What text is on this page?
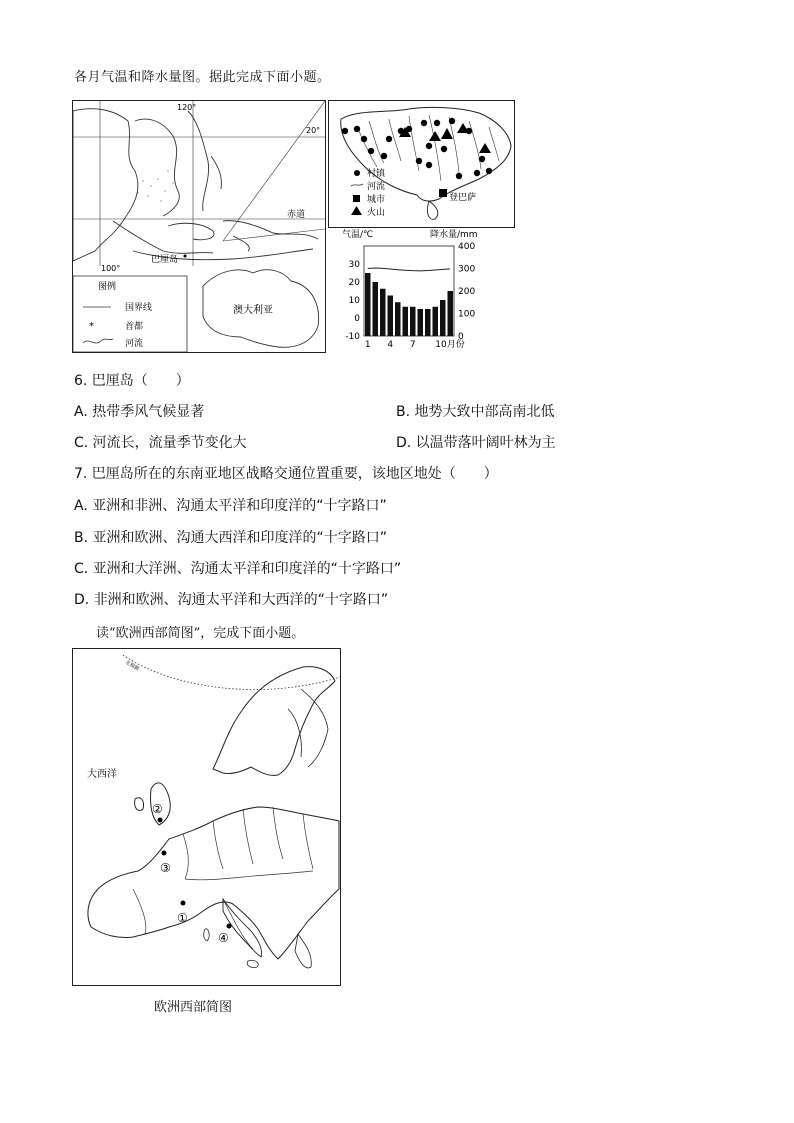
各月气温和降水量图。据此完成下面小题。
澳大利亚
120°
20°
赤道
100°
巴厘岛
图例
国界线
*	首都
河流
登巴萨
村镇
河流
城市
火山
气温/℃	降水量/mm
30
20
10
0
-10
400
300
200
100
0
1 4 7 10月份
6. 巴厘岛（　　）
A. 热带季风气候显著	B. 地势大致中部高南北低
C. 河流长，流量季节变化大	D. 以温带落叶阔叶林为主
7. 巴厘岛所在的东南亚地区战略交通位置重要，该地区地处（　　）
A. 亚洲和非洲、沟通太平洋和印度洋的“十字路口”
B. 亚洲和欧洲、沟通大西洋和印度洋的“十字路口”
C. 亚洲和大洋洲、沟通太平洋和印度洋的“十字路口”
D. 非洲和欧洲、沟通太平洋和大西洋的“十字路口”
读“欧洲西部简图”，完成下面小题。
北极圈
大西洋
②
③
①
④
欧洲西部简图
